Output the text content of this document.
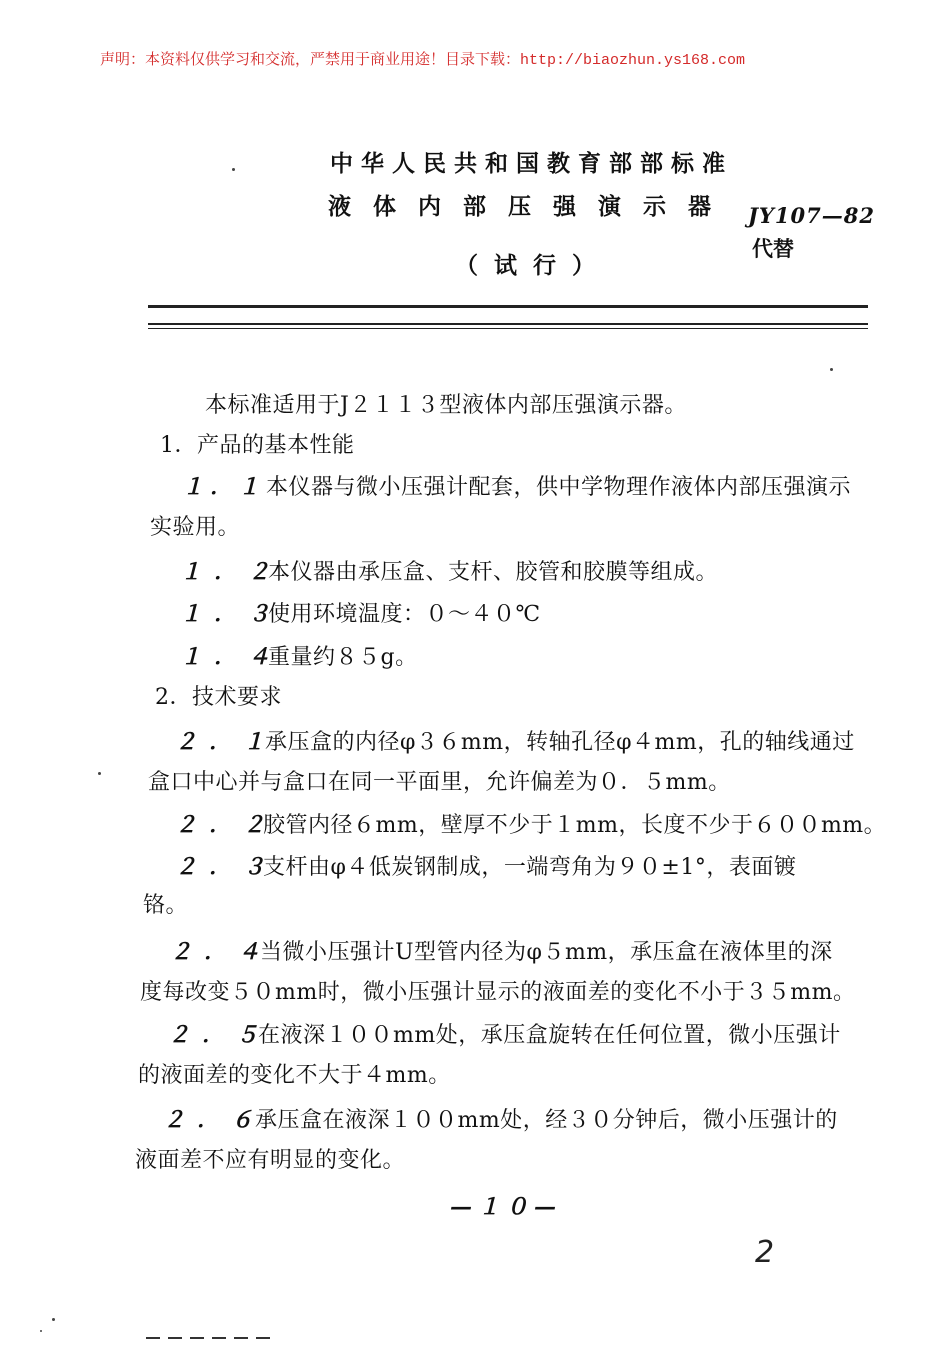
声明：本资料仅供学习和交流，严禁用于商业用途！目录下载：http://biaozhun.ys168.com
中华人民共和国教育部部标准
液体内部压强演示器 JY107—82
代替
（试行）
本标准适用于J２１１３型液体内部压强演示器。
1．产品的基本性能
１．１本仪器与微小压强计配套，供中学物理作液体内部压强演示
实验用。
１．２本仪器由承压盒、支杆、胶管和胶膜等组成。
１．３使用环境温度：０～４０℃
１．４重量约８５g。
2．技术要求
２．１承压盒的内径φ３６mm，转轴孔径φ４mm，孔的轴线通过
盒口中心并与盒口在同一平面里，允许偏差为０．５mm。
２．２胶管内径６mm，壁厚不少于１mm，长度不少于６００mm。
２．３支杆由φ４低炭钢制成，一端弯角为９０±1°，表面镀
铬。
２．４当微小压强计U型管内径为φ５mm，承压盒在液体里的深
度每改变５０mm时，微小压强计显示的液面差的变化不小于３５mm。
２．５在液深１００mm处，承压盒旋转在任何位置，微小压强计
的液面差的变化不大于４mm。
２．６承压盒在液深１００mm处，经３０分钟后，微小压强计的
液面差不应有明显的变化。
—１０—
2
